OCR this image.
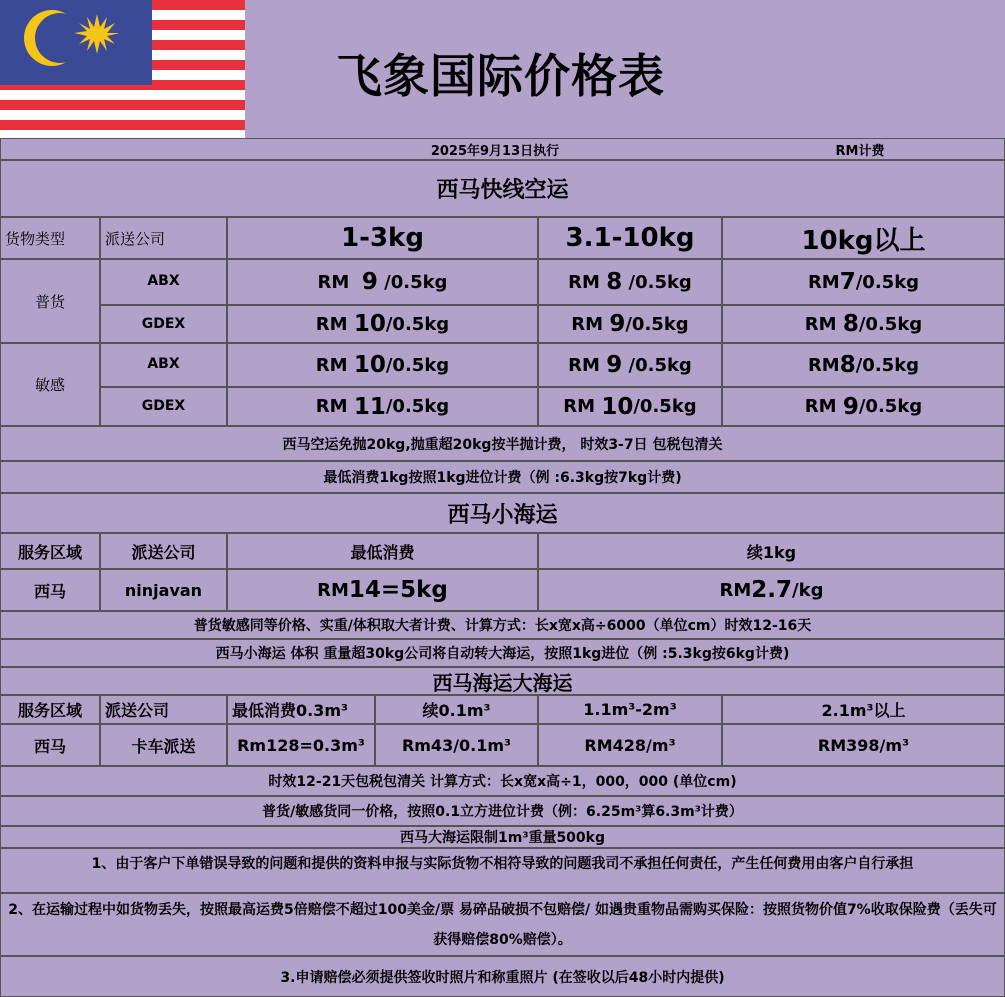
飞象国际价格表
2025年9月13日执行	RM计费
西马快线空运
货物类型	派送公司	1-3kg	3.1-10kg	10kg以上
普货
ABX	RM 9 /0.5kg	RM 8 /0.5kg	RM 7 /0.5kg
GDEX	RM 10 /0.5kg	RM 9 /0.5kg	RM 8 /0.5kg
敏感
ABX	RM 10 /0.5kg	RM 9 /0.5kg	RM 8 /0.5kg
GDEX	RM 11 /0.5kg	RM 10 /0.5kg	RM 9 /0.5kg
西马空运免抛20kg,抛重超20kg按半抛计费， 时效3-7日 包税包清关
最低消费1kg按照1kg进位计费（例 :6.3kg按7kg计费)
西马小海运
服务区域	派送公司	最低消费	续1kg
西马	ninjavan	RM 14=5kg	RM 2.7 /kg
普货敏感同等价格、实重/体积取大者计费、计算方式：长x宽x高÷6000（单位cm）时效12-16天
西马小海运 体积 重量超30kg公司将自动转大海运，按照1kg进位（例 :5.3kg按6kg计费)
西马海运大海运
服务区域	派送公司	最低消费0.3m³	续0.1m³	1.1m³-2m³	2.1m³以上
西马	卡车派送	Rm128=0.3m³	Rm43/0.1m³	RM428/m³	RM398/m³
时效12-21天包税包清关 计算方式：长x宽x高÷1，000，000 (单位cm)
普货/敏感货同一价格，按照0.1立方进位计费（例：6.25m³算6.3m³计费）
西马大海运限制1m³重量500kg
1、由于客户下单错误导致的问题和提供的资料申报与实际货物不相符导致的问题我司不承担任何责任，产生任何费用由客户自行承担
2、在运输过程中如货物丢失，按照最高运费5倍赔偿不超过100美金/票 易碎品破损不包赔偿/ 如遇贵重物品需购买保险：按照货物价值7%收取保险费（丢失可获得赔偿80%赔偿）。
3.申请赔偿必须提供签收时照片和称重照片 (在签收以后48小时内提供)
